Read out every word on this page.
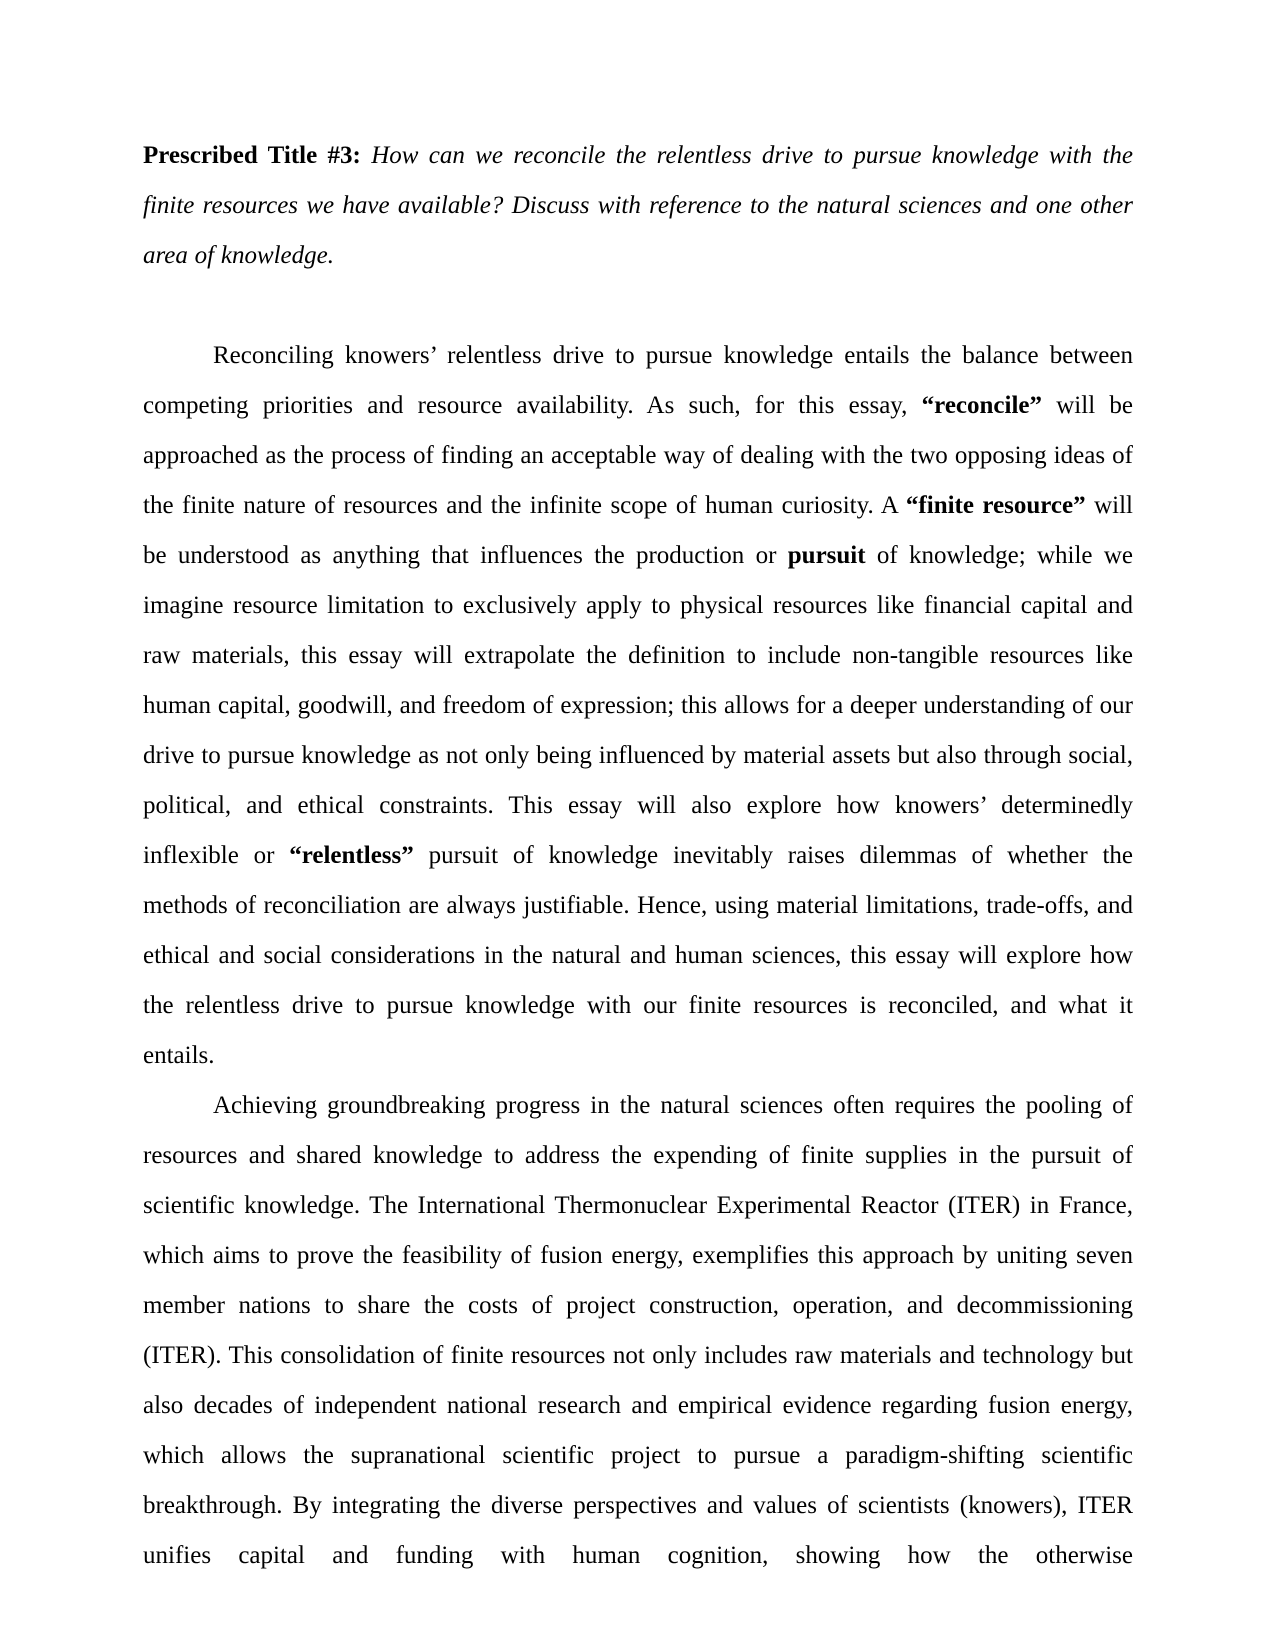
Prescribed Title #3: How can we reconcile the relentless drive to pursue knowledge with the finite resources we have available? Discuss with reference to the natural sciences and one other area of knowledge.

Reconciling knowers’ relentless drive to pursue knowledge entails the balance between competing priorities and resource availability. As such, for this essay, “reconcile” will be approached as the process of finding an acceptable way of dealing with the two opposing ideas of the finite nature of resources and the infinite scope of human curiosity. A “finite resource” will be understood as anything that influences the production or pursuit of knowledge; while we imagine resource limitation to exclusively apply to physical resources like financial capital and raw materials, this essay will extrapolate the definition to include non-tangible resources like human capital, goodwill, and freedom of expression; this allows for a deeper understanding of our drive to pursue knowledge as not only being influenced by material assets but also through social, political, and ethical constraints. This essay will also explore how knowers’ determinedly inflexible or “relentless” pursuit of knowledge inevitably raises dilemmas of whether the methods of reconciliation are always justifiable. Hence, using material limitations, trade-offs, and ethical and social considerations in the natural and human sciences, this essay will explore how the relentless drive to pursue knowledge with our finite resources is reconciled, and what it entails.

Achieving groundbreaking progress in the natural sciences often requires the pooling of resources and shared knowledge to address the expending of finite supplies in the pursuit of scientific knowledge. The International Thermonuclear Experimental Reactor (ITER) in France, which aims to prove the feasibility of fusion energy, exemplifies this approach by uniting seven member nations to share the costs of project construction, operation, and decommissioning (ITER). This consolidation of finite resources not only includes raw materials and technology but also decades of independent national research and empirical evidence regarding fusion energy, which allows the supranational scientific project to pursue a paradigm-shifting scientific breakthrough. By integrating the diverse perspectives and values of scientists (knowers), ITER unifies capital and funding with human cognition, showing how the otherwise
